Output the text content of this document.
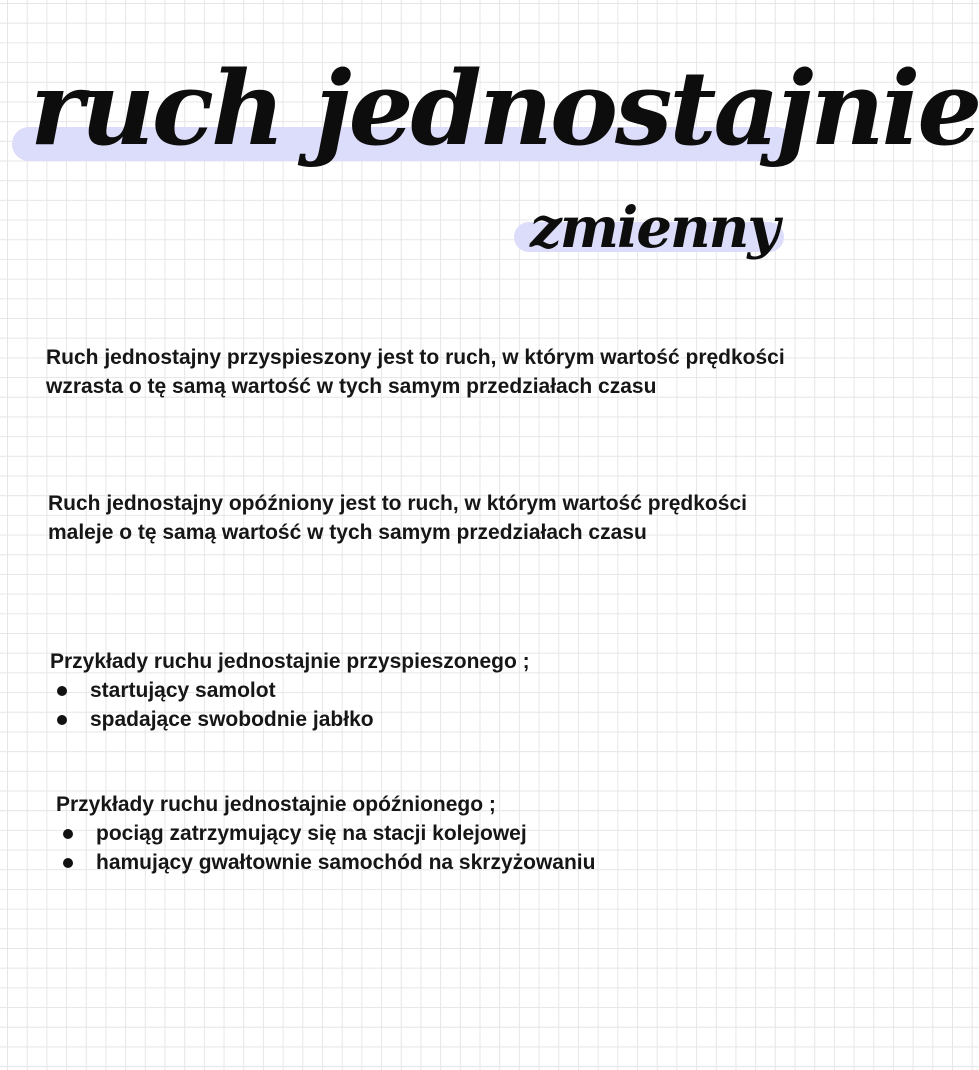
ruch jednostajnie
zmienny

Ruch jednostajny przyspieszony jest to ruch, w którym wartość prędkości wzrasta o tę samą wartość w tych samym przedziałach czasu

Ruch jednostajny opóźniony jest to ruch, w którym wartość prędkości maleje o tę samą wartość w tych samym przedziałach czasu

Przykłady ruchu jednostajnie przyspieszonego ;

startujący samolot
spadające swobodnie jabłko

Przykłady ruchu jednostajnie opóźnionego ;

pociąg zatrzymujący się na stacji kolejowej
hamujący gwałtownie samochód na skrzyżowaniu
